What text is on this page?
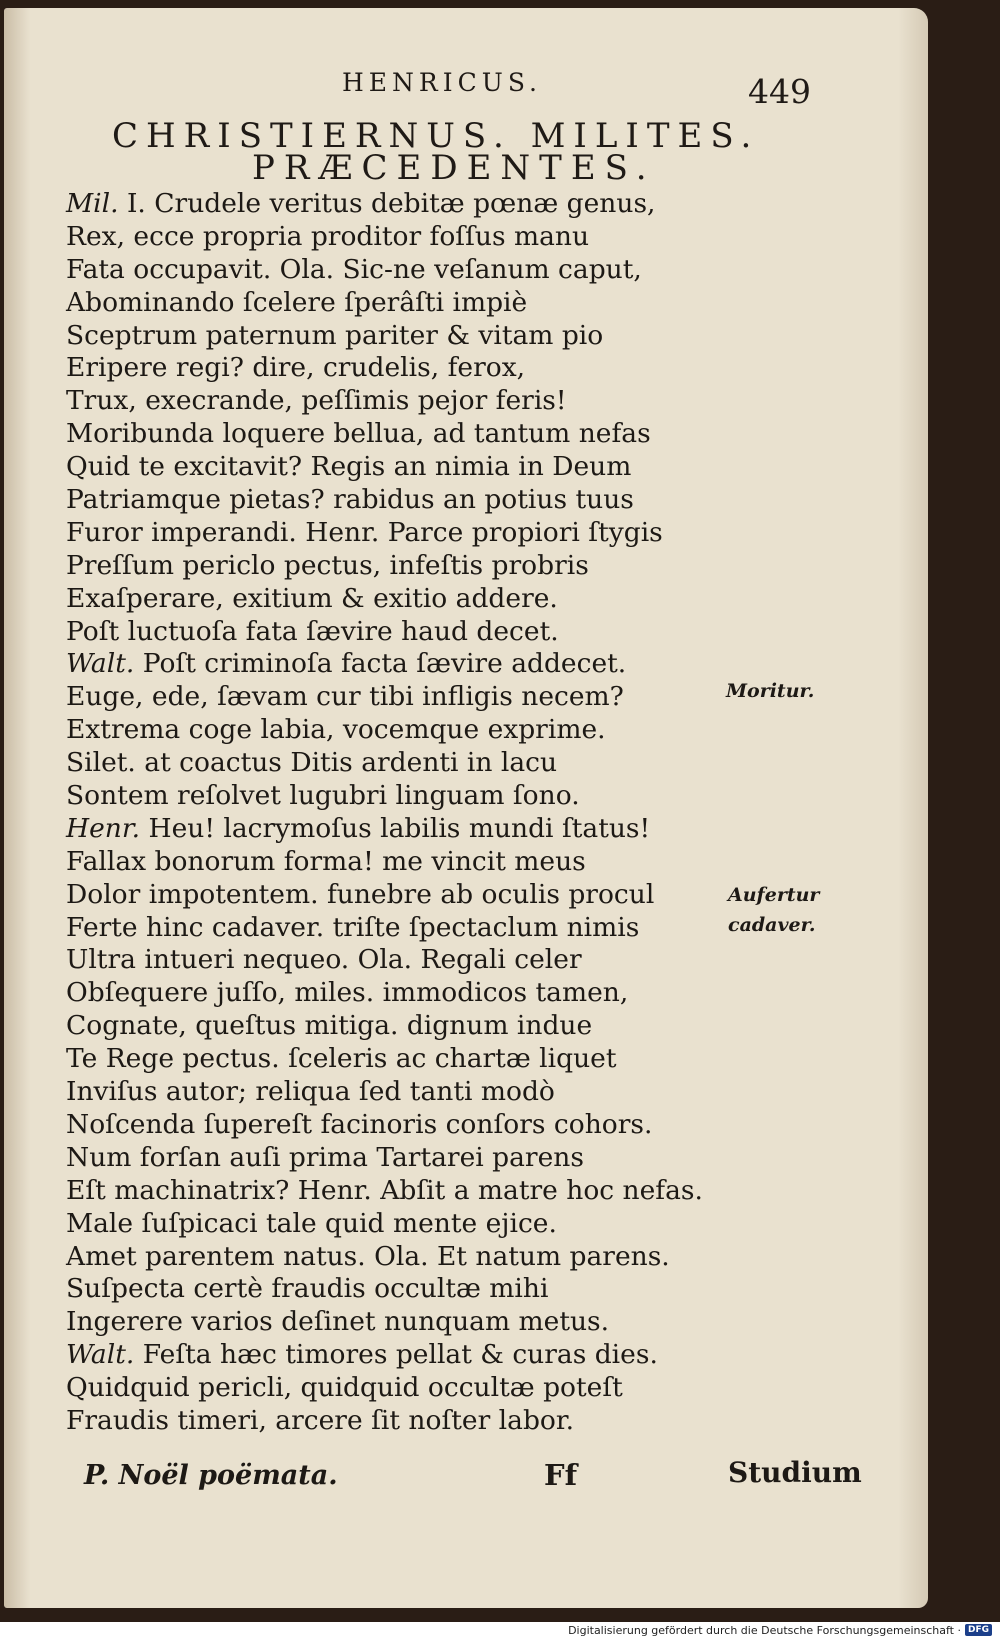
HENRICUS.	449
CHRISTIERNUS. MILITES.
PRÆCEDENTES.
Mil. I. Crudele veritus debitæ pœnæ genus,
Rex, ecce propria proditor foſſus manu
Fata occupavit. Ola. Sic-ne veſanum caput,
Abominando ſcelere ſperâſti impiè
Sceptrum paternum pariter & vitam pio
Eripere regi? dire, crudelis, ferox,
Trux, execrande, peſſimis pejor feris!
Moribunda loquere bellua, ad tantum nefas
Quid te excitavit? Regis an nimia in Deum
Patriamque pietas? rabidus an potius tuus
Furor imperandi. Henr. Parce propiori ſtygis
Preſſum periclo pectus, infeſtis probris
Exaſperare, exitium & exitio addere.
Poſt luctuoſa fata ſævire haud decet.
Walt. Poſt criminoſa facta ſævire addecet.
Euge, ede, ſævam cur tibi infligis necem?
Extrema coge labia, vocemque exprime.
Silet. at coactus Ditis ardenti in lacu
Sontem reſolvet lugubri linguam ſono.
Henr. Heu! lacrymoſus labilis mundi ſtatus!
Fallax bonorum forma! me vincit meus
Dolor impotentem. funebre ab oculis procul
Ferte hinc cadaver. triſte ſpectaclum nimis
Ultra intueri nequeo. Ola. Regali celer
Obſequere juſſo, miles. immodicos tamen,
Cognate, queſtus mitiga. dignum indue
Te Rege pectus. ſceleris ac chartæ liquet
Inviſus autor; reliqua ſed tanti modò
Noſcenda ſupereſt facinoris conſors cohors.
Num forſan auſi prima Tartarei parens
Eſt machinatrix? Henr. Abſit a matre hoc nefas.
Male ſuſpicaci tale quid mente ejice.
Amet parentem natus. Ola. Et natum parens.
Suſpecta certè fraudis occultæ mihi
Ingerere varios deſinet nunquam metus.
Walt. Feſta hæc timores pellat & curas dies.
Quidquid pericli, quidquid occultæ poteſt
Fraudis timeri, arcere ſit noſter labor.
Moritur.
Aufertur
cadaver.
P. Noël poëmata.	Ff	Studium
Digitalisierung gefördert durch die Deutsche Forschungsgemeinschaft · DFG
